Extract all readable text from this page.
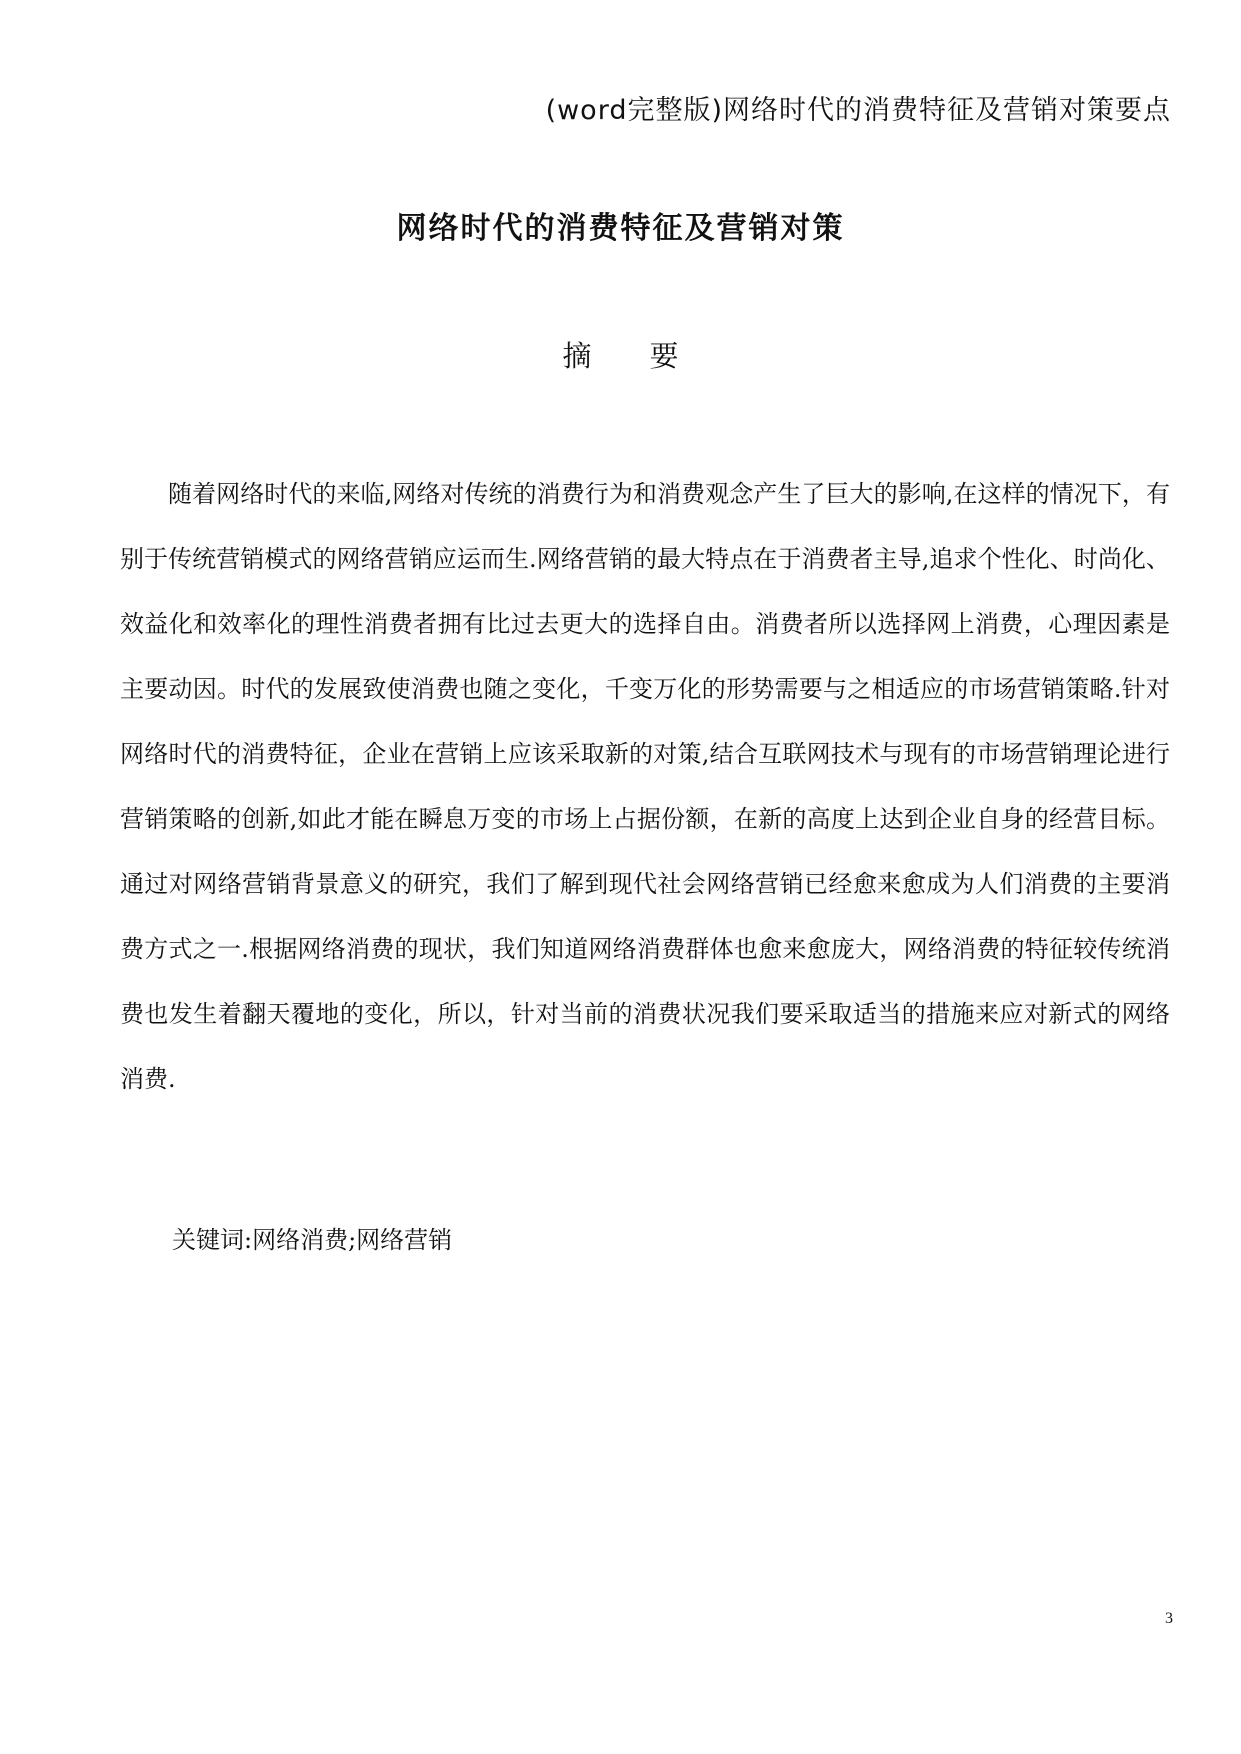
(word完整版)网络时代的消费特征及营销对策要点
网络时代的消费特征及营销对策
摘 要

随着网络时代的来临,网络对传统的消费行为和消费观念产生了巨大的影响,在这样的情况下，有别于传统营销模式的网络营销应运而生.网络营销的最大特点在于消费者主导,追求个性化、时尚化、效益化和效率化的理性消费者拥有比过去更大的选择自由。消费者所以选择网上消费，心理因素是主要动因。时代的发展致使消费也随之变化，千变万化的形势需要与之相适应的市场营销策略.针对网络时代的消费特征，企业在营销上应该采取新的对策,结合互联网技术与现有的市场营销理论进行营销策略的创新,如此才能在瞬息万变的市场上占据份额，在新的高度上达到企业自身的经营目标。通过对网络营销背景意义的研究，我们了解到现代社会网络营销已经愈来愈成为人们消费的主要消费方式之一.根据网络消费的现状，我们知道网络消费群体也愈来愈庞大，网络消费的特征较传统消费也发生着翻天覆地的变化，所以，针对当前的消费状况我们要采取适当的措施来应对新式的网络消费.

关键词:网络消费;网络营销
3
